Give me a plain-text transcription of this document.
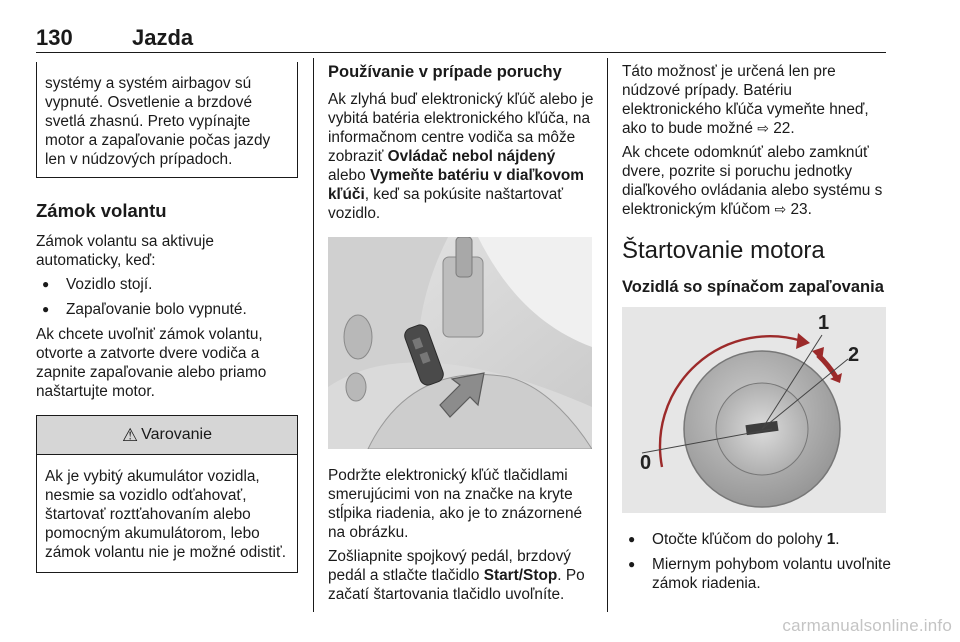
130	Jazda

systémy a systém airbagov sú vypnuté. Osvetlenie a brzdové svetlá zhasnú. Preto vypínajte motor a zapaľovanie počas jazdy len v núdzových prípadoch.

Zámok volantu

Zámok volantu sa aktivuje automaticky, keď:

● Vozidlo stojí.
● Zapaľovanie bolo vypnuté.

Ak chcete uvoľniť zámok volantu, otvorte a zatvorte dvere vodiča a zapnite zapaľovanie alebo priamo naštartujte motor.

⚠ Varovanie

Ak je vybitý akumulátor vozidla, nesmie sa vozidlo odťahovať, štartovať roztťahovaním alebo pomocným akumulátorom, lebo zámok volantu nie je možné odistiť.

Používanie v prípade poruchy

Ak zlyhá buď elektronický kľúč alebo je vybitá batéria elektronického kľúča, na informačnom centre vodiča sa môže zobraziť Ovládač nebol nájdený alebo Vymeňte batériu v diaľkovom kľúči, keď sa pokúsite naštartovať vozidlo.

Podržte elektronický kľúč tlačidlami smerujúcimi von na značke na kryte stĺpika riadenia, ako je to znázornené na obrázku.

Zošliapnite spojkový pedál, brzdový pedál a stlačte tlačidlo Start/Stop. Po začatí štartovania tlačidlo uvoľníte.

Táto možnosť je určená len pre núdzové prípady. Batériu elektronického kľúča vymeňte hneď, ako to bude možné ⇨ 22.

Ak chcete odomknúť alebo zamknúť dvere, pozrite si poruchu jednotky diaľkového ovládania alebo systému s elektronickým kľúčom ⇨ 23.

Štartovanie motora
Vozidlá so spínačom zapaľovania
1
2
0
● Otočte kľúčom do polohy 1.
● Miernym pohybom volantu uvoľnite zámok riadenia.
carmanualsonline.info
